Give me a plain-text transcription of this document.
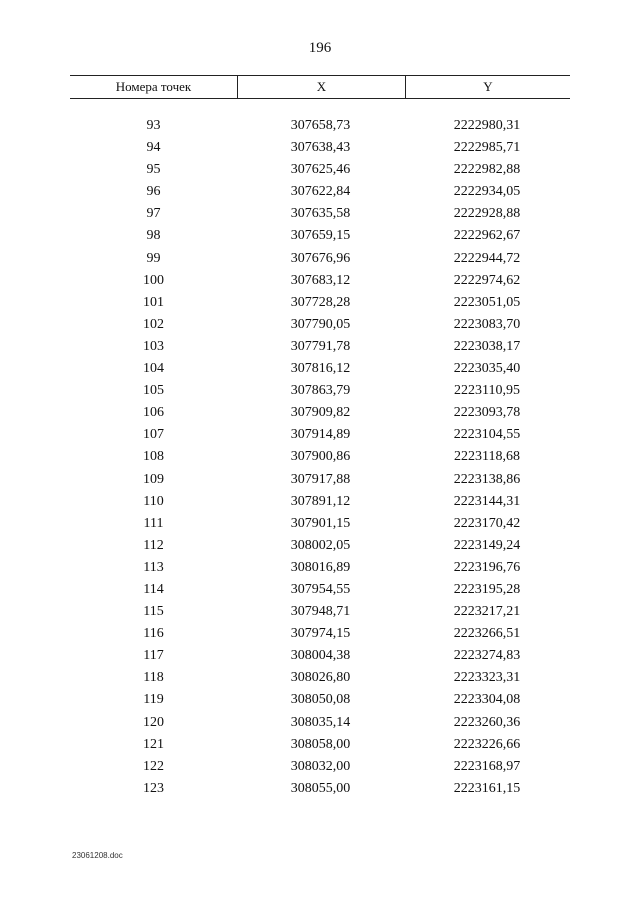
196
Номера точек	X	Y
93	307658,73	2222980,31
94	307638,43	2222985,71
95	307625,46	2222982,88
96	307622,84	2222934,05
97	307635,58	2222928,88
98	307659,15	2222962,67
99	307676,96	2222944,72
100	307683,12	2222974,62
101	307728,28	2223051,05
102	307790,05	2223083,70
103	307791,78	2223038,17
104	307816,12	2223035,40
105	307863,79	2223110,95
106	307909,82	2223093,78
107	307914,89	2223104,55
108	307900,86	2223118,68
109	307917,88	2223138,86
110	307891,12	2223144,31
111	307901,15	2223170,42
112	308002,05	2223149,24
113	308016,89	2223196,76
114	307954,55	2223195,28
115	307948,71	2223217,21
116	307974,15	2223266,51
117	308004,38	2223274,83
118	308026,80	2223323,31
119	308050,08	2223304,08
120	308035,14	2223260,36
121	308058,00	2223226,66
122	308032,00	2223168,97
123	308055,00	2223161,15
23061208.doc
